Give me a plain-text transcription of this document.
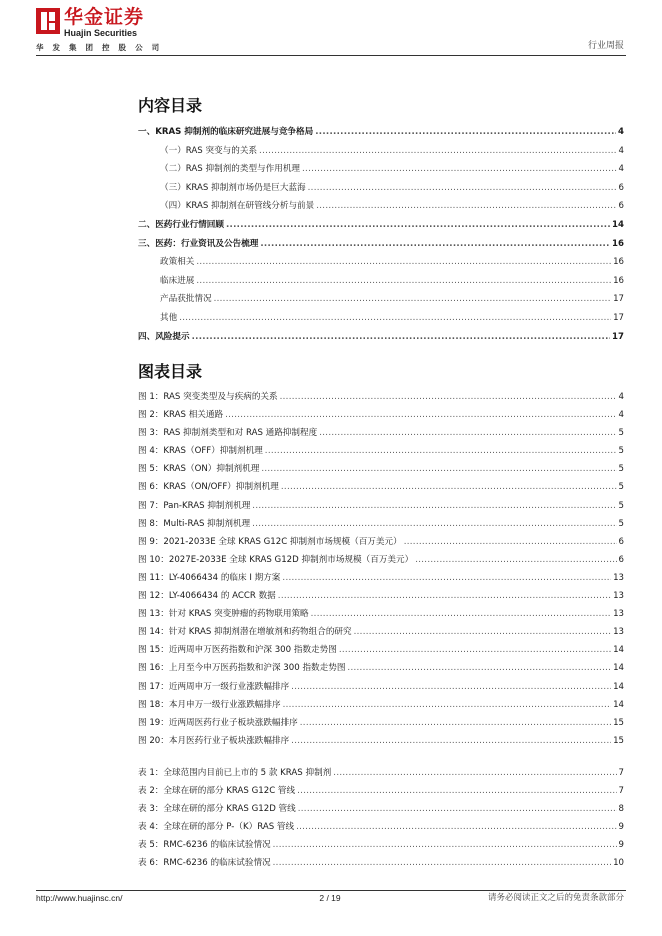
华金证券
Huajin Securities
华 发 集 团 控 股 公 司	行业周报
内容目录
一、KRAS 抑制剂的临床研究进展与竞争格局 .....	4
（一）RAS 突变与的关系 .....	4
（二）RAS 抑制剂的类型与作用机理 .....	4
（三）KRAS 抑制剂市场仍是巨大蓝海 .....	6
（四）KRAS 抑制剂在研管线分析与前景 .....	6
二、医药行业行情回顾 .....	14
三、医药：行业资讯及公告梳理 .....	16
政策相关 .....	16
临床进展 .....	16
产品获批情况 .....	17
其他 .....	17
四、风险提示 .....	17
图表目录
图 1：RAS 突变类型及与疾病的关系 .....	4
图 2：KRAS 相关通路 .....	4
图 3：RAS 抑制剂类型和对 RAS 通路抑制程度 .....	5
图 4：KRAS（OFF）抑制剂机理 .....	5
图 5：KRAS（ON）抑制剂机理 .....	5
图 6：KRAS（ON/OFF）抑制剂机理 .....	5
图 7：Pan-KRAS 抑制剂机理 .....	5
图 8：Multi-RAS 抑制剂机理 .....	5
图 9：2021-2033E 全球 KRAS G12C 抑制剂市场规模（百万美元） .....	6
图 10：2027E-2033E 全球 KRAS G12D 抑制剂市场规模（百万美元） .....	6
图 11：LY-4066434 的临床 I 期方案 .....	13
图 12：LY-4066434 的 ACCR 数据 .....	13
图 13：针对 KRAS 突变肿瘤的药物联用策略 .....	13
图 14：针对 KRAS 抑制剂潜在增敏剂和药物组合的研究 .....	13
图 15：近两周申万医药指数和沪深 300 指数走势图 .....	14
图 16：上月至今申万医药指数和沪深 300 指数走势图 .....	14
图 17：近两周申万一级行业涨跌幅排序 .....	14
图 18：本月申万一级行业涨跌幅排序 .....	14
图 19：近两周医药行业子板块涨跌幅排序 .....	15
图 20：本月医药行业子板块涨跌幅排序 .....	15
表 1：全球范围内目前已上市的 5 款 KRAS 抑制剂 .....	7
表 2：全球在研的部分 KRAS G12C 管线 .....	7
表 3：全球在研的部分 KRAS G12D 管线 .....	8
表 4：全球在研的部分 P-（K）RAS 管线 .....	9
表 5：RMC-6236 的临床试验情况 .....	9
表 6：RMC-6236 的临床试验情况 .....	10
http://www.huajinsc.cn/	2 / 19	请务必阅读正文之后的免责条款部分
